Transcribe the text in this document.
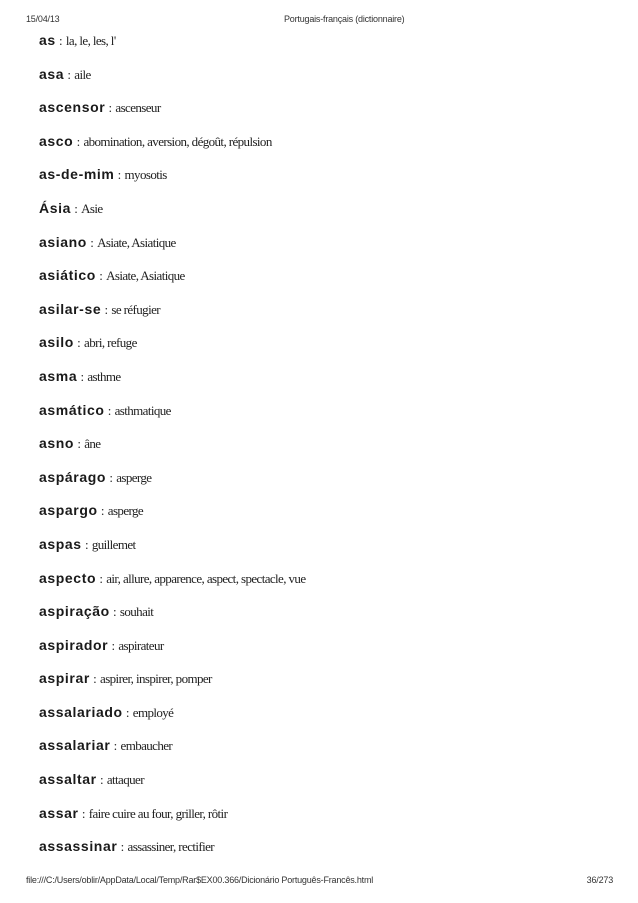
15/04/13	Portugais-français (dictionnaire)
as : la, le, les, l'
asa : aile
ascensor : ascenseur
asco : abomination, aversion, dégoût, répulsion
as-de-mim : myosotis
Ásia : Asie
asiano : Asiate, Asiatique
asiático : Asiate, Asiatique
asilar-se : se réfugier
asilo : abri, refuge
asma : asthme
asmático : asthmatique
asno : âne
aspárago : asperge
aspargo : asperge
aspas : guillemet
aspecto : air, allure, apparence, aspect, spectacle, vue
aspiração : souhait
aspirador : aspirateur
aspirar : aspirer, inspirer, pomper
assalariado : employé
assalariar : embaucher
assaltar : attaquer
assar : faire cuire au four, griller, rôtir
assassinar : assassiner, rectifier
file:///C:/Users/oblir/AppData/Local/Temp/Rar$EX00.366/Dicionário Português-Francês.html	36/273
